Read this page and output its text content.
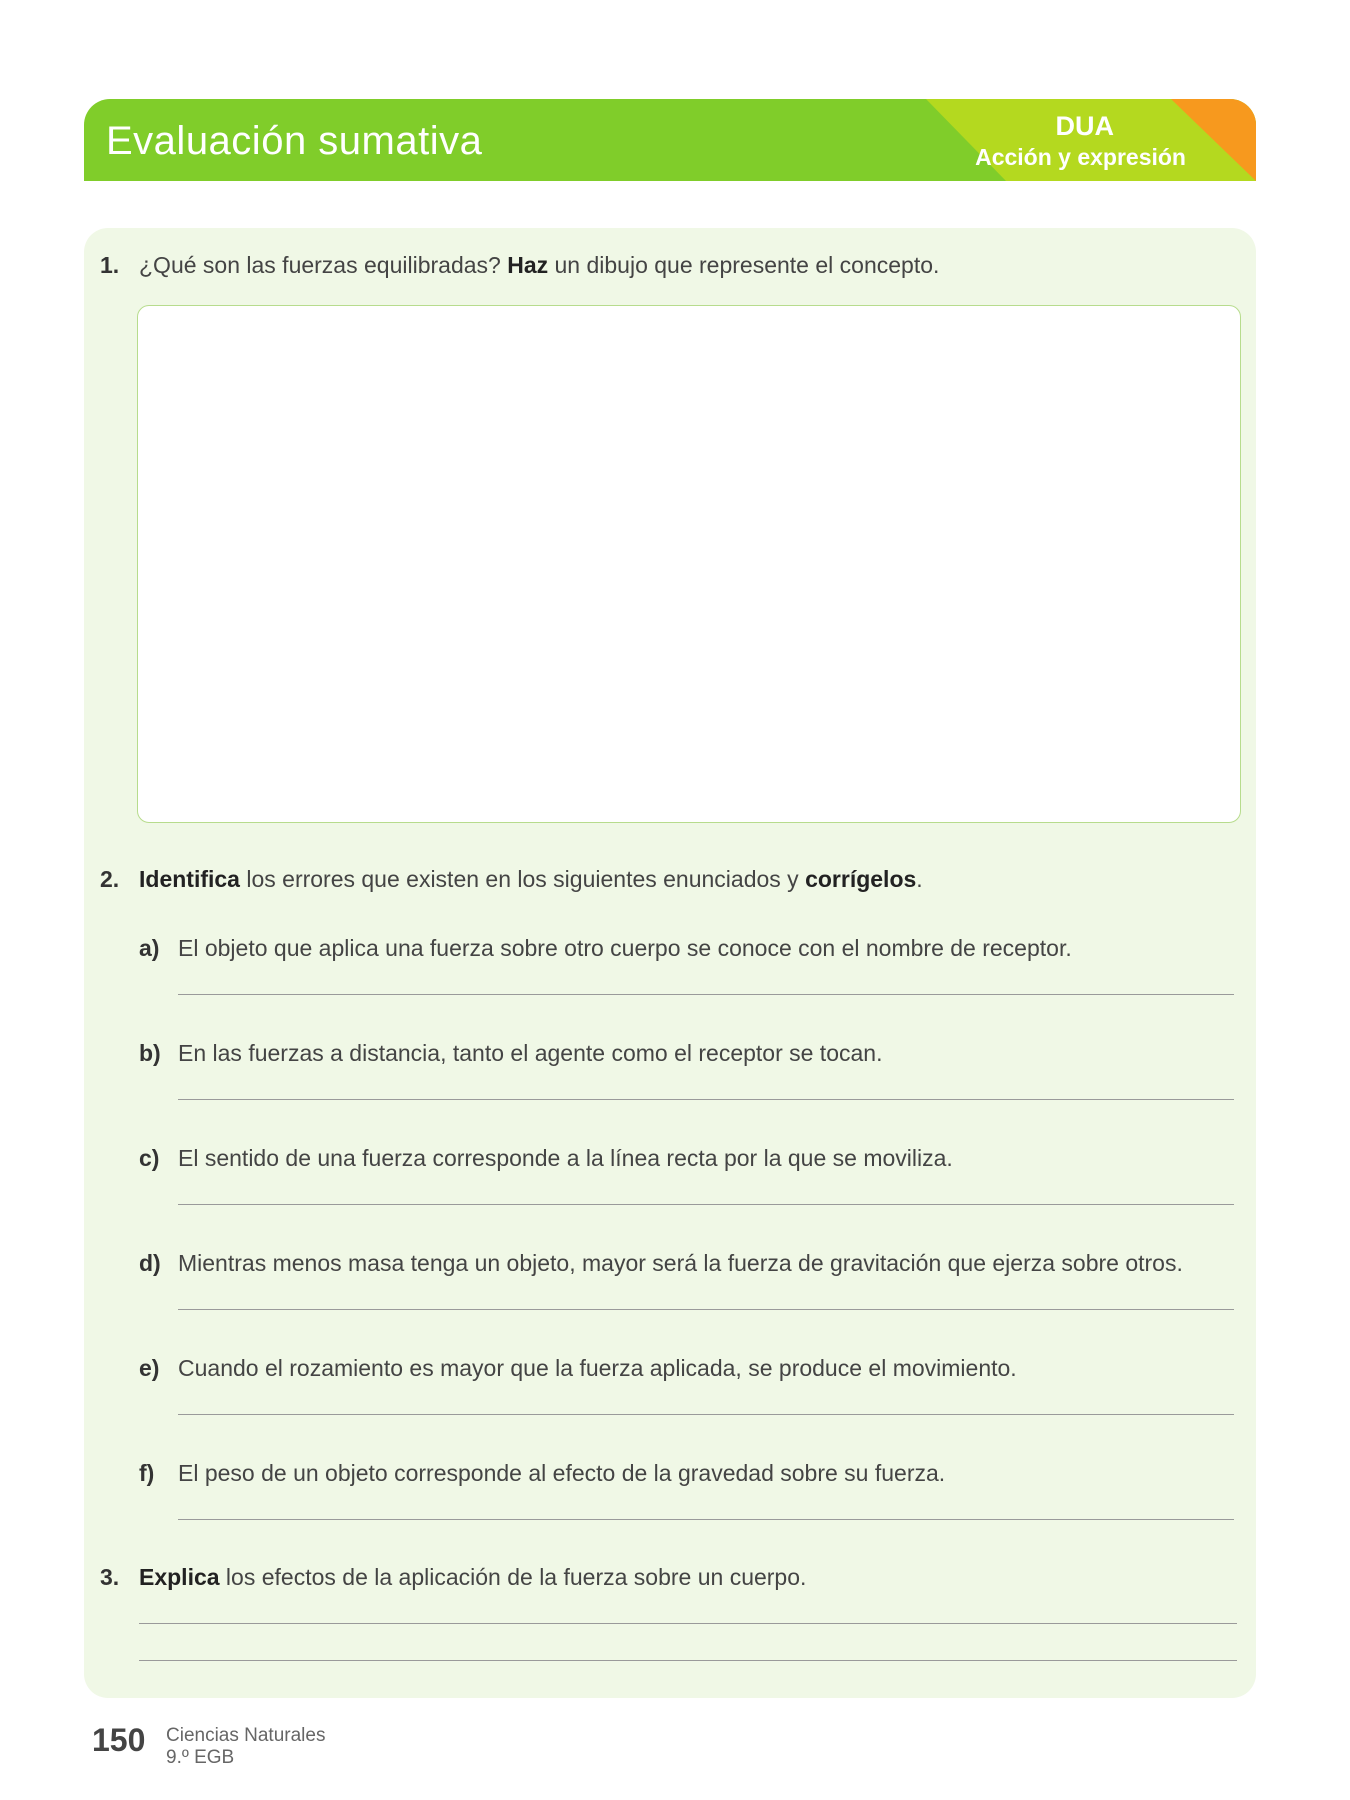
Evaluación sumativa	DUA
Acción y expresión
1. ¿Qué son las fuerzas equilibradas? Haz un dibujo que represente el concepto.
2. Identifica los errores que existen en los siguientes enunciados y corrígelos.
a) El objeto que aplica una fuerza sobre otro cuerpo se conoce con el nombre de receptor.
b) En las fuerzas a distancia, tanto el agente como el receptor se tocan.
c) El sentido de una fuerza corresponde a la línea recta por la que se moviliza.
d) Mientras menos masa tenga un objeto, mayor será la fuerza de gravitación que ejerza sobre otros.
e) Cuando el rozamiento es mayor que la fuerza aplicada, se produce el movimiento.
f) El peso de un objeto corresponde al efecto de la gravedad sobre su fuerza.
3. Explica los efectos de la aplicación de la fuerza sobre un cuerpo.
150 Ciencias Naturales
9.º EGB
